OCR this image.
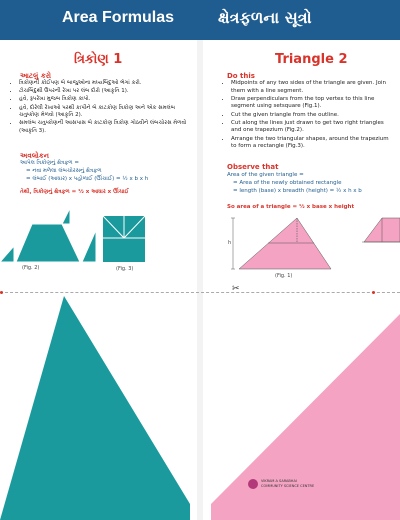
Area Formulas	ક્ષેત્રફળના સૂત્રો
ત્રિકોણ 1
આટલું કરો
• ત્રિકોણની કોઈપણ બે બાજુઓના મધ્યબિંદુઓ ભેગાં કરો.
• ટોચબિંદુથી ઉપરની રેખા પર લંબ દોરો (આકૃતિ 1).
• હવે, રૂપરેખા મુજબ ત્રિકોણ કાપો.
• હવે, દોરેલી રેખાઓ પરથી કાપીને બે કાટકોણ ત્રિકોણ અને એક સમલંબ ચતુષ્કોણ મેળવો (આકૃતિ 2).
• સમલંબ ચતુષ્કોણની આસપાસ બે કાટકોણ ત્રિકોણ ગોઠવીને લંબચોરસ મેળવો (આકૃતિ 3).
અવલોકન
આપેલ ત્રિકોણનું ક્ષેત્રફળ =
= નવા મળેલા લંબચોરસનું ક્ષેત્રફળ
= લંબાઈ (આધાર) x પહોળાઈ (ઊંચાઈ) = ½ x b x h
તેથી, ત્રિકોણનું ક્ષેત્રફળ = ½ x આધાર x ઊંચાઈ
(Fig. 2)	(Fig. 3)
Triangle 2
Do this
• Midpoints of any two sides of the triangle are given. Join them with a line segment.
• Draw perpendiculars from the top vertex to this line segment using setsquare (Fig.1).
• Cut the given triangle from the outline.
• Cut along the lines just drawn to get two right triangles and one trapezium (Fig.2).
• Arrange the two triangular shapes, around the trapezium to form a rectangle (Fig.3).
Observe that
Area of the given triangle =
= Area of the newly obtained rectangle
= length (base) x breadth (height) = ½ x h x b
So area of a triangle = ½ x base x height
h
(Fig. 1)
✂
VIKRAM A SARABHAI
COMMUNITY SCIENCE CENTRE
